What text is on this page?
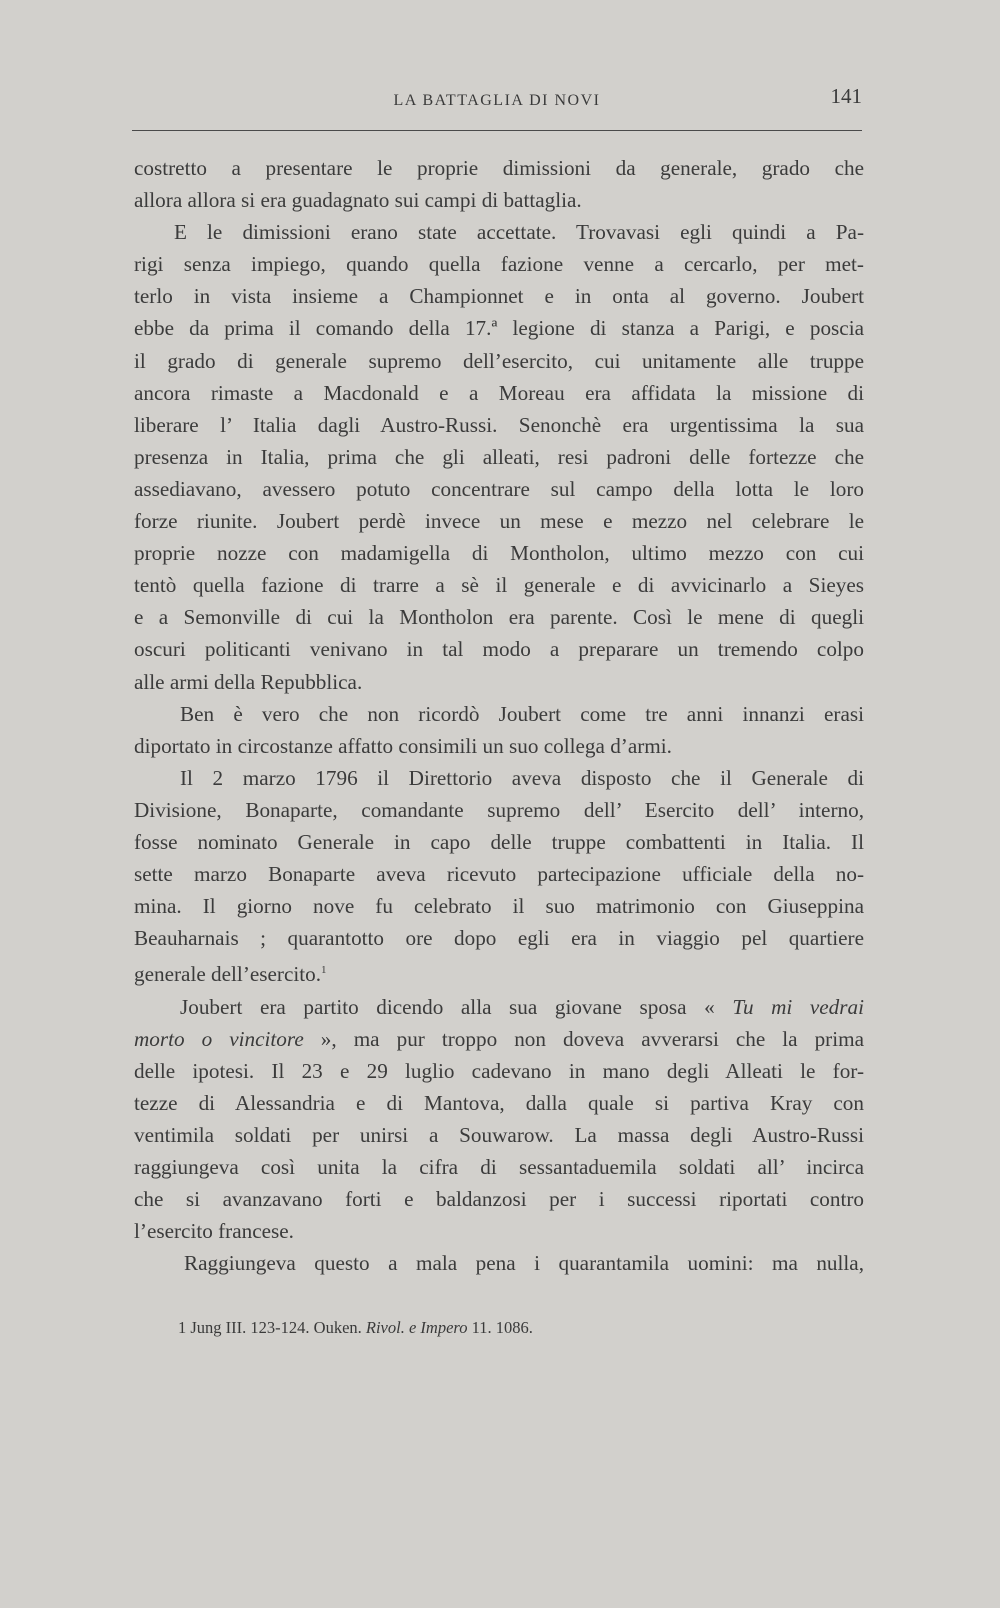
LA BATTAGLIA DI NOVI	141

costretto a presentare le proprie dimissioni da generale, grado che
allora allora si era guadagnato sui campi di battaglia.

E le dimissioni erano state accettate. Trovavasi egli quindi a Pa-
rigi senza impiego, quando quella fazione venne a cercarlo, per met-
terlo in vista insieme a Championnet e in onta al governo. Joubert
ebbe da prima il comando della 17.ª legione di stanza a Parigi, e poscia
il grado di generale supremo dell’esercito, cui unitamente alle truppe
ancora rimaste a Macdonald e a Moreau era affidata la missione di
liberare l’ Italia dagli Austro-Russi. Senonchè era urgentissima la sua
presenza in Italia, prima che gli alleati, resi padroni delle fortezze che
assediavano, avessero potuto concentrare sul campo della lotta le loro
forze riunite. Joubert perdè invece un mese e mezzo nel celebrare le
proprie nozze con madamigella di Montholon, ultimo mezzo con cui
tentò quella fazione di trarre a sè il generale e di avvicinarlo a Sieyes
e a Semonville di cui la Montholon era parente. Così le mene di quegli
oscuri politicanti venivano in tal modo a preparare un tremendo colpo
alle armi della Repubblica.

Ben è vero che non ricordò Joubert come tre anni innanzi erasi
diportato in circostanze affatto consimili un suo collega d’armi.

Il 2 marzo 1796 il Direttorio aveva disposto che il Generale di
Divisione, Bonaparte, comandante supremo dell’ Esercito dell’ interno,
fosse nominato Generale in capo delle truppe combattenti in Italia. Il
sette marzo Bonaparte aveva ricevuto partecipazione ufficiale della no-
mina. Il giorno nove fu celebrato il suo matrimonio con Giuseppina
Beauharnais ; quarantotto ore dopo egli era in viaggio pel quartiere
generale dell’esercito.$^1$

Joubert era partito dicendo alla sua giovane sposa « Tu mi vedrai
morto o vincitore », ma pur troppo non doveva avverarsi che la prima
delle ipotesi. Il 23 e 29 luglio cadevano in mano degli Alleati le for-
tezze di Alessandria e di Mantova, dalla quale si partiva Kray con
ventimila soldati per unirsi a Souwarow. La massa degli Austro-Russi
raggiungeva così unita la cifra di sessantaduemila soldati all’ incirca
che si avanzavano forti e baldanzosi per i successi riportati contro
l’esercito francese.

Raggiungeva questo a mala pena i quarantamila uomini: ma nulla,

1 Jung III. 123-124. Ouken. Rivol. e Impero 11. 1086.
